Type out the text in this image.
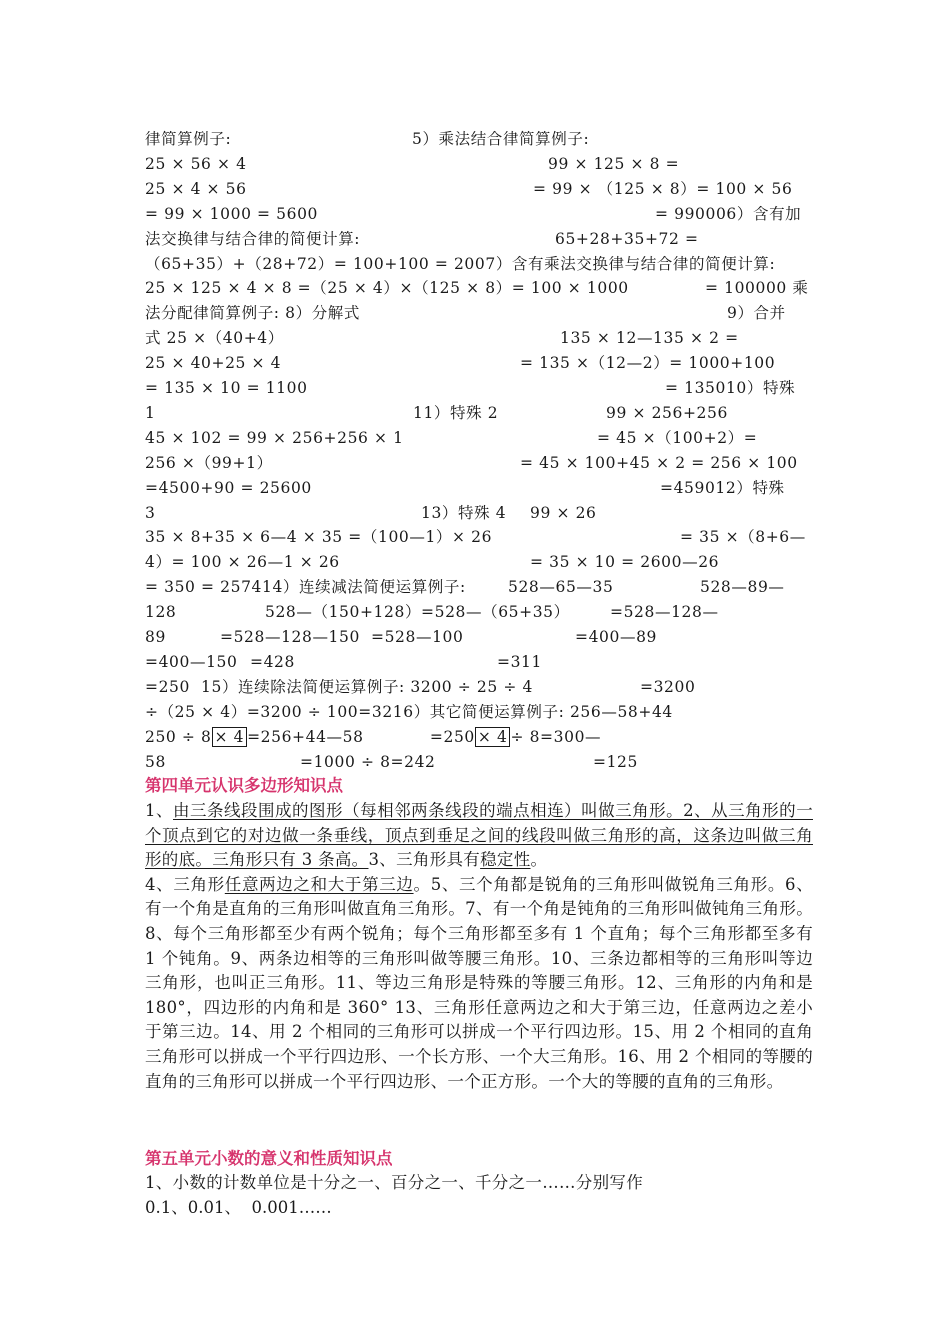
律简算例子:	5）乘法结合律简算例子:
25 × 56 × 4	99 × 125 × 8 =
25 × 4 × 56	= 99 × （125 × 8）= 100 × 56
= 99 × 1000 = 5600	= 990006）含有加
法交换律与结合律的简便计算:	65+28+35+72 =
（65+35）+（28+72）= 100+100 = 2007）含有乘法交换律与结合律的简便计算:
25 × 125 × 4 × 8 =（25 × 4）×（125 × 8）= 100 × 1000	= 100000 乘
法分配律简算例子: 8）分解式	9）合并
式 25 ×（40+4）	135 × 12—135 × 2 =
25 × 40+25 × 4	= 135 ×（12—2）= 1000+100
= 135 × 10 = 1100	= 135010）特殊
1	11）特殊 2	99 × 256+256
45 × 102 = 99 × 256+256 × 1	= 45 ×（100+2）=
256 ×（99+1）	= 45 × 100+45 × 2 = 256 × 100
=4500+90 = 25600	=459012）特殊
3	13）特殊 4 99 × 26
35 × 8+35 × 6—4 × 35 =（100—1）× 26	= 35 ×（8+6—
4）= 100 × 26—1 × 26	= 35 × 10 = 2600—26
= 350 = 257414）连续减法简便运算例子:	528—65—35	528—89—
128	528—（150+128）=528—（65+35）	=528—128—
89	=528—128—150  =528—100	=400—89
=400—150 =428	=311
=250  15）连续除法简便运算例子: 3200 ÷ 25 ÷ 4	=3200
÷（25 × 4）=3200 ÷ 100=3216）其它简便运算例子: 256—58+44
250 ÷ 8 × 4 =256+44—58	=250 × 4 ÷ 8=300—
58	=1000 ÷ 8=242	=125
第四单元认识多边形知识点
1、由三条线段围成的图形（每相邻两条线段的端点相连）叫做三角形。2、从三角形的一个顶点到它的对边做一条垂线，顶点到垂足之间的线段叫做三角形的高，这条边叫做三角形的底。三角形只有 3 条高。3、三角形具有稳定性。
4、三角形任意两边之和大于第三边。5、三个角都是锐角的三角形叫做锐角三角形。6、有一个角是直角的三角形叫做直角三角形。7、有一个角是钝角的三角形叫做钝角三角形。8、每个三角形都至少有两个锐角；每个三角形都至多有 1 个直角；每个三角形都至多有 1 个钝角。9、两条边相等的三角形叫做等腰三角形。10、三条边都相等的三角形叫等边三角形，也叫正三角形。11、等边三角形是特殊的等腰三角形。12、三角形的内角和是 180°，四边形的内角和是 360° 13、三角形任意两边之和大于第三边，任意两边之差小于第三边。14、用 2 个相同的三角形可以拼成一个平行四边形。15、用 2 个相同的直角三角形可以拼成一个平行四边形、一个长方形、一个大三角形。16、用 2 个相同的等腰的直角的三角形可以拼成一个平行四边形、一个正方形。一个大的等腰的直角的三角形。
第五单元小数的意义和性质知识点
1、小数的计数单位是十分之一、百分之一、千分之一……分别写作
0.1、0.01、  0.001……
